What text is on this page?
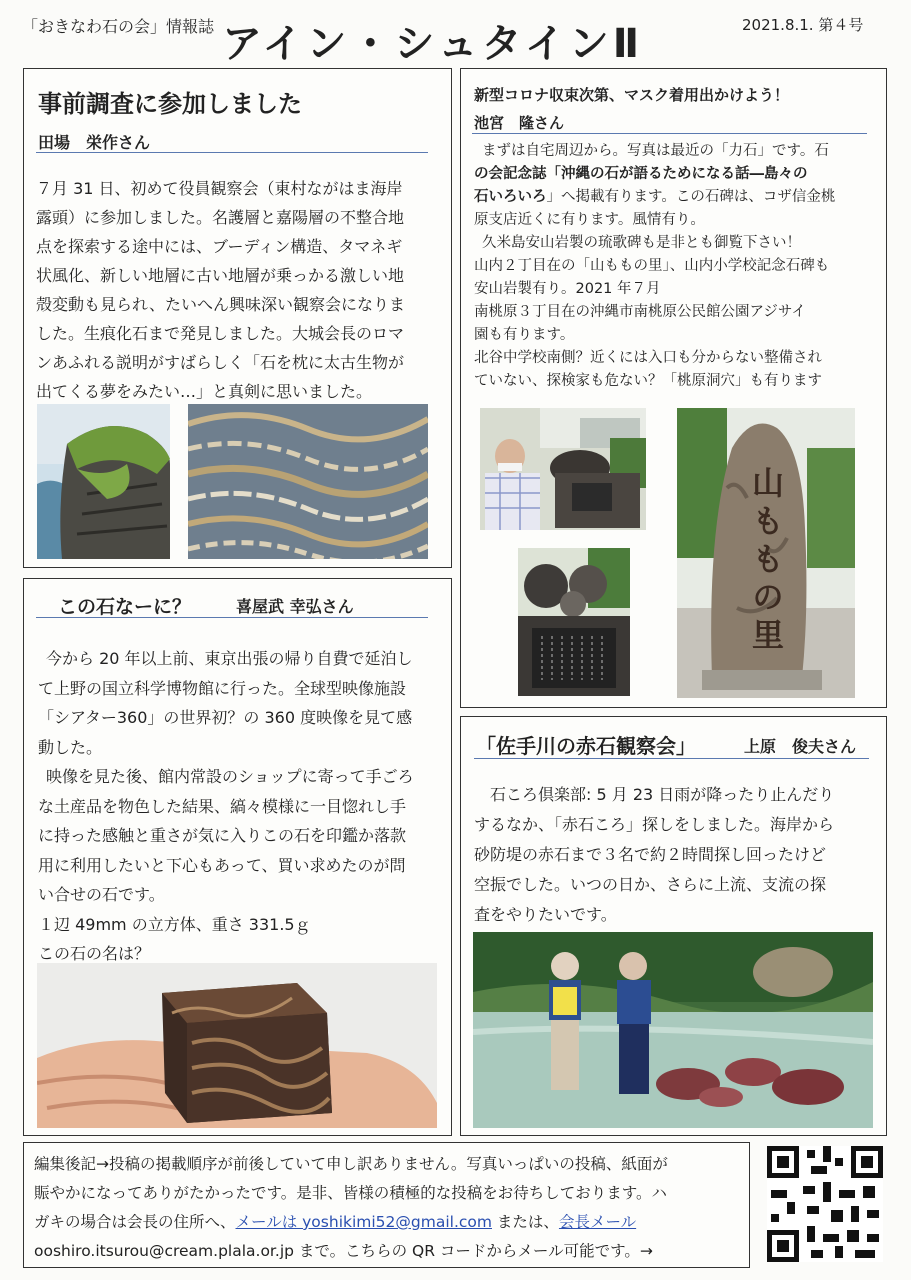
「おきなわ石の会」情報誌 アイン・シュタインⅡ	2021.8.1. 第４号
事前調査に参加しました
田場　栄作さん
７月 31 日、初めて役員観察会（東村ながはま海岸
露頭）に参加しました。名護層と嘉陽層の不整合地
点を探索する途中には、ブーディン構造、タマネギ
状風化、新しい地層に古い地層が乗っかる激しい地
殻変動も見られ、たいへん興味深い観察会になりま
した。生痕化石まで発見しました。大城会長のロマ
ンあふれる説明がすばらしく「石を枕に太古生物が
出てくる夢をみたい…」と真剣に思いました。
新型コロナ収束次第、マスク着用出かけよう！
池宮　隆さん
まずは自宅周辺から。写真は最近の「力石」です。石
の会記念誌「沖縄の石が語るためになる話―島々の
石いろいろ」へ掲載有ります。この石碑は、コザ信金桃
原支店近くに有ります。風情有り。
久米島安山岩製の琉歌碑も是非とも御覧下さい！
山内２丁目在の「山ももの里」、山内小学校記念石碑も
安山岩製有り。2021 年７月
南桃原３丁目在の沖縄市南桃原公民館公園アジサイ
園も有ります。
北谷中学校南側？近くには入口も分からない整備され
ていない、探検家も危ない？「桃原洞穴」も有ります
山ももの里
この石なーに？	喜屋武 幸弘さん
今から 20 年以上前、東京出張の帰り自費で延泊し
て上野の国立科学博物館に行った。全球型映像施設
「シアター360」の世界初？の 360 度映像を見て感
動した。
映像を見た後、館内常設のショップに寄って手ごろ
な土産品を物色した結果、縞々模様に一目惚れし手
に持った感触と重さが気に入りこの石を印鑑か落款
用に利用したいと下心もあって、買い求めたのが問
い合せの石です。
１辺 49mm の立方体、重さ 331.5ｇ
この石の名は？
「佐手川の赤石観察会」	上原　俊夫さん
石ころ倶楽部: 5 月 23 日雨が降ったり止んだり
するなか、「赤石ころ」探しをしました。海岸から
砂防堤の赤石まで３名で約２時間探し回ったけど
空振でした。いつの日か、さらに上流、支流の探
査をやりたいです。
編集後記→投稿の掲載順序が前後していて申し訳ありません。写真いっぱいの投稿、紙面が
賑やかになってありがたかったです。是非、皆様の積極的な投稿をお待ちしております。ハ
ガキの場合は会長の住所へ、メールは yoshikimi52@gmail.com または、会長メール
ooshiro.itsurou@cream.plala.or.jp まで。こちらの QR コードからメール可能です。→
